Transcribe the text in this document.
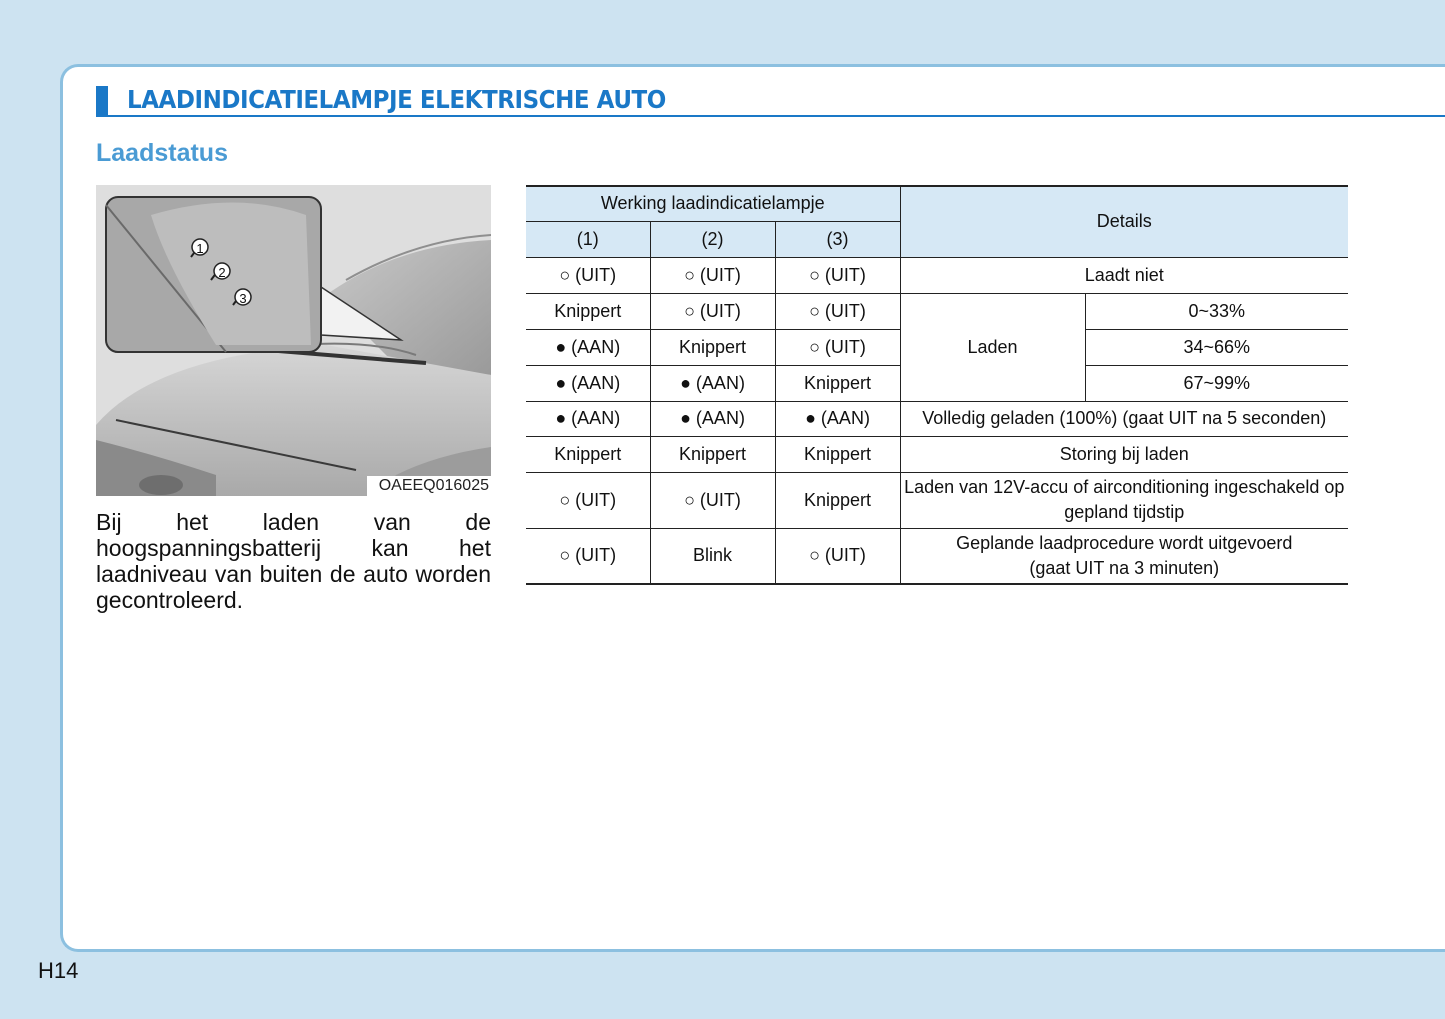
LAADINDICATIELAMPJE ELEKTRISCHE AUTO
Laadstatus
1
2
3
OAEEQ016025
Bij het laden van de hoogspanningsbatterij kan het laadniveau van buiten de auto worden gecontroleerd.
Werking laadindicatielampje			Details	
(1)	(2)	(3)		
○ (UIT)	○ (UIT)	○ (UIT)	Laadt niet	
Knippert	○ (UIT)	○ (UIT)	Laden	0~33%
● (AAN)	Knippert	○ (UIT)		34~66%
● (AAN)	● (AAN)	Knippert		67~99%
● (AAN)	● (AAN)	● (AAN)	Volledig geladen (100%) (gaat UIT na 5 seconden)	
Knippert	Knippert	Knippert	Storing bij laden	
○ (UIT)	○ (UIT)	Knippert	Laden van 12V-accu of airconditioning ingeschakeld op
gepland tijdstip	

○ (UIT)	Blink	○ (UIT)	Geplande laadprocedure wordt uitgevoerd
(gaat UIT na 3 minuten)	
H14
